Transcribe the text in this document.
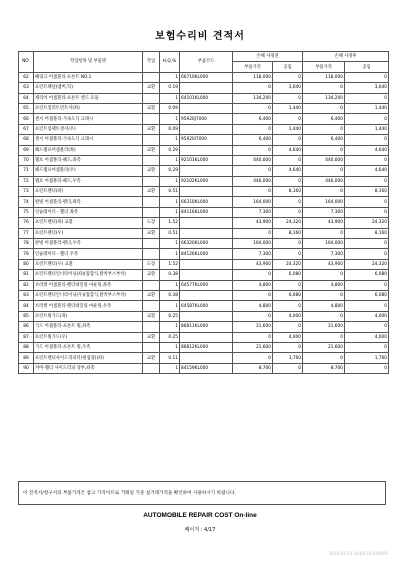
보험수리비 견적서
NO.	작업항목 및 부품명	작업	H,Q,%	부품코드	손해 사정전		손해 사정후	
					부품가격	공임	부품가격	공임
62	헤링크 어셈블리-프론트 NO.1		1	66710KL000	118,000	0	118,000	0
63	프런트패널(멤버,틱)	교환	0.19		0	3,040	0	3,040
64	캐리어 어셈블리-프론트 엔드 모듈		1	64101KL000	134,200	0	134,200	0
65	프런트컴퍼트먼트셔(좌)	교환	0.09		0	1,440	0	1,440
66	센서 어셈블리-가속도식 크래시		1	95920J7000	6,400	0	6,400	0
67	프런트임팩트센서(우)	교환	0.09		0	1,440	0	1,440
68	센서 어셈블리-가속도식 크래시		1	95920I7000	6,400	0	6,400	0
69	헤드램프어셈블리(좌)	교환	0.29		0	4,640	0	4,640
70	램프 어셈블리-헤드,좌측		1	92101KL000	440,000	0	440,000	0
71	헤드램프어셈블리(우)	교환	0.29		0	4,640	0	4,640
72	램프 어셈블리-헤드,우측		1	92102KL000	440,000	0	440,000	0
73	프런트펜더(좌)	교환	0.51		0	8,160	0	8,160
74	판넬 어셈블리-펜더,좌측		1	66310KL000	164,000	0	164,000	0
75	인슐레이터 - 휀더 좌측		1	84116KL000	7,300	0	7,300	0
76	프런트펜더(좌) 교환	도장	1.52		43,900	24,320	43,900	24,320
77	프런트펜더(우)	교환	0.51		0	8,160	0	8,160
78	판넬 어셈블리-펜더,우측		1	66320KL000	164,000	0	164,000	0
79	인슐레이터 - 휀더 우측		1	84126KL000	7,300	0	7,300	0
80	프런트펜더(우) 교환	도장	1.52		43,900	24,320	43,900	24,320
81	프런트펜더인너라이닝(좌)(접합식,탈착부스부착)	교환	0.38		0	6,080	0	6,080
82	브라켓 어셈블리-펜더네일링 마운팅,좌측		1	64577KL000	4,800	0	4,800	0
83	프런트펜더인너라이닝(우)(접합식,탈착부스부착)	교환	0.38		0	6,080	0	6,080
84	브라켓 어셈블리-펜더네일링 마운팅,우측		1	64587KL000	4,800	0	4,800	0
85	프런트휠가드(좌)	교환	0.25		0	4,000	0	4,000
86	가드 어셈블리-프론트 휠,좌측		1	86811KL000	21,600	0	21,600	0
87	프런트휠가드(우)	교환	0.25		0	4,000	0	4,000
88	가드 어셈블리-프론트 휠,우측		1	86812KL000	21,600	0	21,600	0
89	프런트펜더사이드리피터(편집형)(좌)	교환	0.11		0	1,760	0	1,760
90	커버-휀더 사이드리피 상부,좌측		1	84159KL000	8,700	0	8,700	0
이 견적서/청구서의 부품가격은 참고 가격이므로 거래일 기준 실거래가격을 확인하여 사용하시기 바랍니다.
AUTOMOBILE REPAIR COST On-line
페이지 : 4/17
2024-02-13 14:04:18.920000
